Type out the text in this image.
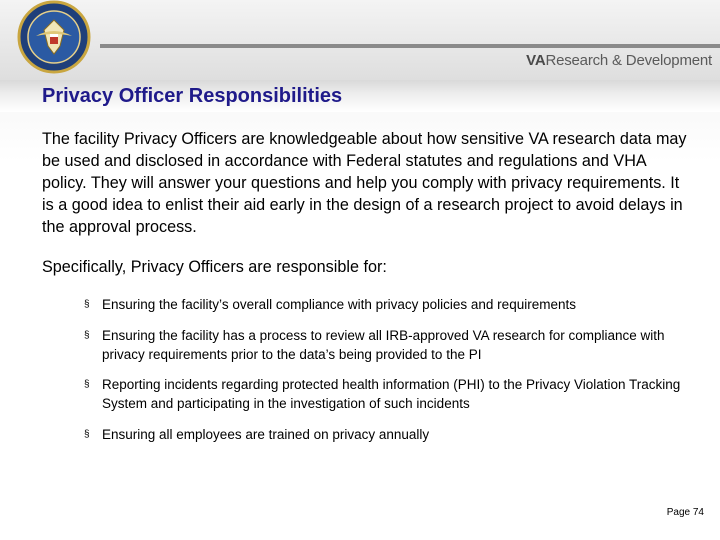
VAResearch & Development
Privacy Officer Responsibilities

The facility Privacy Officers are knowledgeable about how sensitive VA research data may be used and disclosed in accordance with Federal statutes and regulations and VHA policy. They will answer your questions and help you comply with privacy requirements. It is a good idea to enlist their aid early in the design of a research project to avoid delays in the approval process.

Specifically, Privacy Officers are responsible for:

§ Ensuring the facility’s overall compliance with privacy policies and requirements
§ Ensuring the facility has a process to review all IRB-approved VA research for compliance with privacy requirements prior to the data’s being provided to the PI
§ Reporting incidents regarding protected health information (PHI) to the Privacy Violation Tracking System and participating in the investigation of such incidents
§ Ensuring all employees are trained on privacy annually
Page 74
